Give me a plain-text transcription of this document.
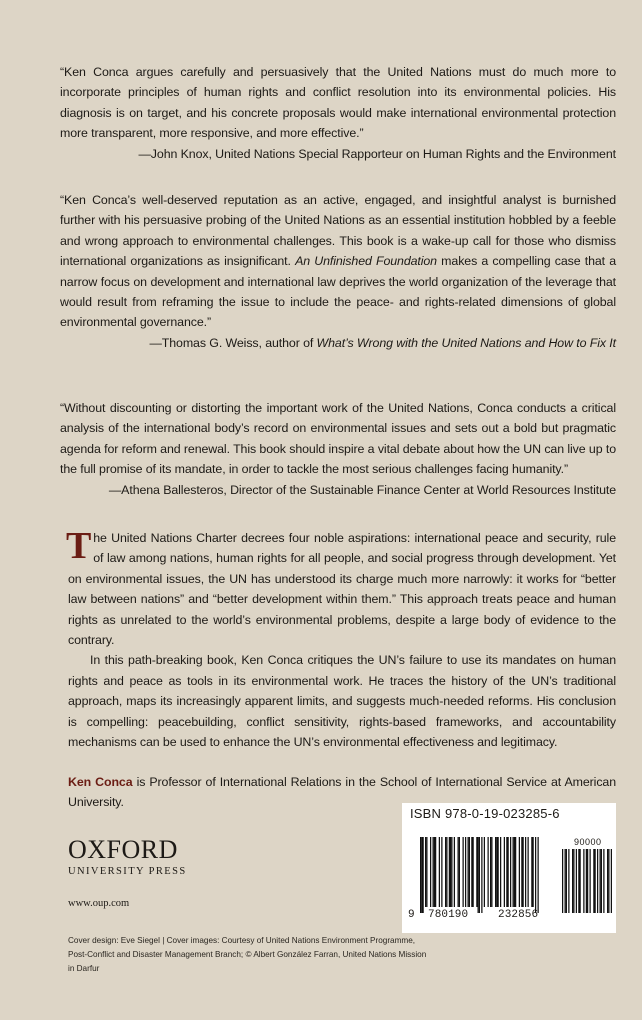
“Ken Conca argues carefully and persuasively that the United Nations must do much more to incorporate principles of human rights and conflict resolution into its environmental policies. His diagnosis is on target, and his concrete proposals would make international environmental protection more transparent, more responsive, and more effective.”
—John Knox, United Nations Special Rapporteur on Human Rights and the Environment
“Ken Conca’s well-deserved reputation as an active, engaged, and insightful analyst is burnished further with his persuasive probing of the United Nations as an essential institution hobbled by a feeble and wrong approach to environmental challenges. This book is a wake-up call for those who dismiss international organizations as insignificant. An Unfinished Foundation makes a compelling case that a narrow focus on development and international law deprives the world organization of the leverage that would result from reframing the issue to include the peace- and rights-related dimensions of global environmental governance.”
—Thomas G. Weiss, author of What’s Wrong with the United Nations and How to Fix It
“Without discounting or distorting the important work of the United Nations, Conca conducts a critical analysis of the international body’s record on environmental issues and sets out a bold but pragmatic agenda for reform and renewal. This book should inspire a vital debate about how the UN can live up to the full promise of its mandate, in order to tackle the most serious challenges facing humanity.”
—Athena Ballesteros, Director of the Sustainable Finance Center at World Resources Institute

The United Nations Charter decrees four noble aspirations: international peace and security, rule of law among nations, human rights for all people, and social progress through development. Yet on environmental issues, the UN has understood its charge much more narrowly: it works for “better law between nations” and “better development within them.” This approach treats peace and human rights as unrelated to the world’s environmental problems, despite a large body of evidence to the contrary.

In this path-breaking book, Ken Conca critiques the UN’s failure to use its mandates on human rights and peace as tools in its environmental work. He traces the history of the UN’s traditional approach, maps its increasingly apparent limits, and suggests much-needed reforms. His conclusion is compelling: peacebuilding, conflict sensitivity, rights-based frameworks, and accountability mechanisms can be used to enhance the UN’s environmental effectiveness and legitimacy.

Ken Conca is Professor of International Relations in the School of International Service at American University.
OXFORD
UNIVERSITY PRESS
www.oup.com
Cover design: Eve Siegel | Cover images: Courtesy of United Nations Environment Programme, Post-Conflict and Disaster Management Branch; © Albert González Farran, United Nations Mission in Darfur
ISBN 978-0-19-023285-6
90000
9 780190	232856
